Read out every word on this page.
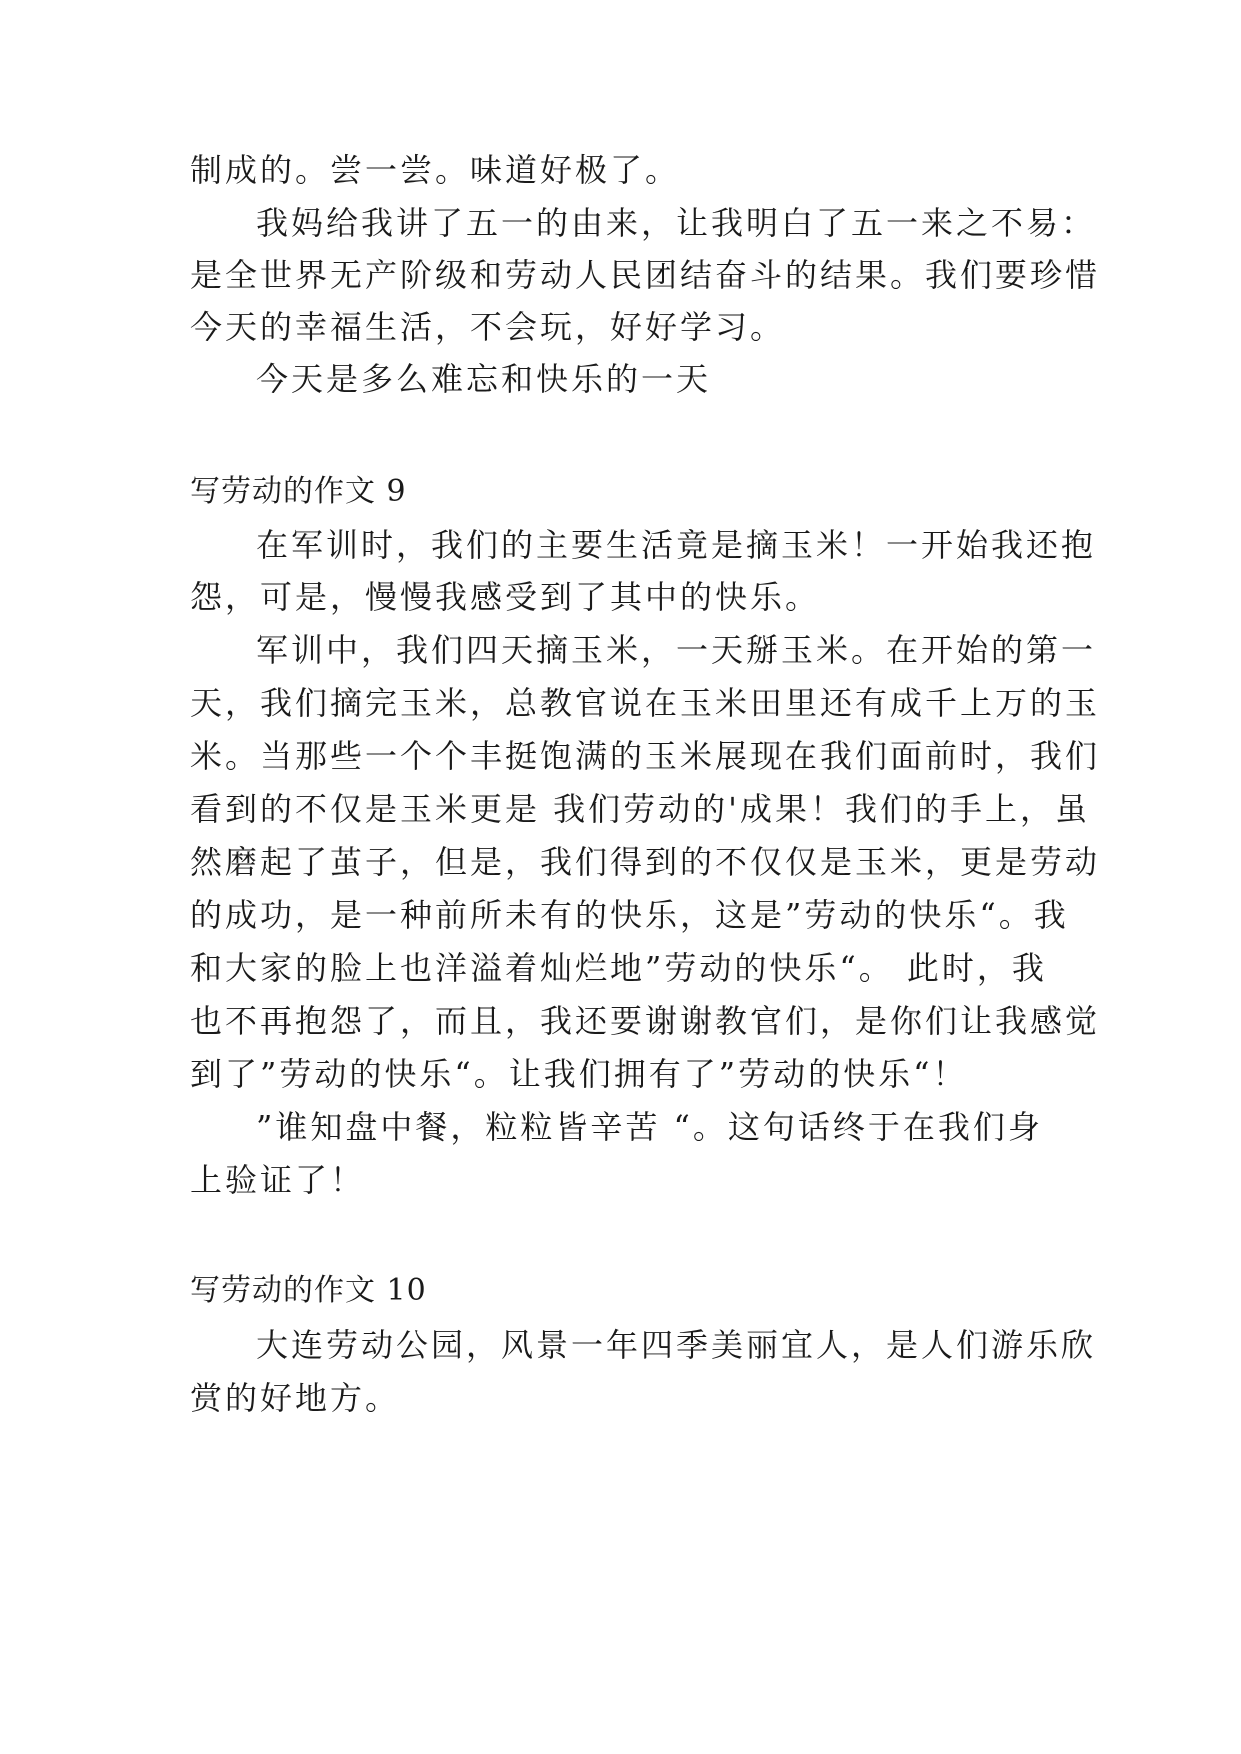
制成的。尝一尝。味道好极了。
我妈给我讲了五一的由来，让我明白了五一来之不易：
是全世界无产阶级和劳动人民团结奋斗的结果。我们要珍惜
今天的幸福生活，不会玩，好好学习。
今天是多么难忘和快乐的一天
写劳动的作文 9
在军训时，我们的主要生活竟是摘玉米！一开始我还抱
怨，可是，慢慢我感受到了其中的快乐。
军训中，我们四天摘玉米，一天掰玉米。在开始的第一
天，我们摘完玉米，总教官说在玉米田里还有成千上万的玉
米。当那些一个个丰挺饱满的玉米展现在我们面前时，我们
看到的不仅是玉米更是 我们劳动的'成果！我们的手上，虽
然磨起了茧子，但是，我们得到的不仅仅是玉米，更是劳动
的成功，是一种前所未有的快乐，这是”劳动的快乐“。我
和大家的脸上也洋溢着灿烂地”劳动的快乐“。 此时，我
也不再抱怨了，而且，我还要谢谢教官们，是你们让我感觉
到了”劳动的快乐“。让我们拥有了”劳动的快乐“！
”谁知盘中餐，粒粒皆辛苦 “。这句话终于在我们身
上验证了！
写劳动的作文 10
大连劳动公园，风景一年四季美丽宜人，是人们游乐欣
赏的好地方。
